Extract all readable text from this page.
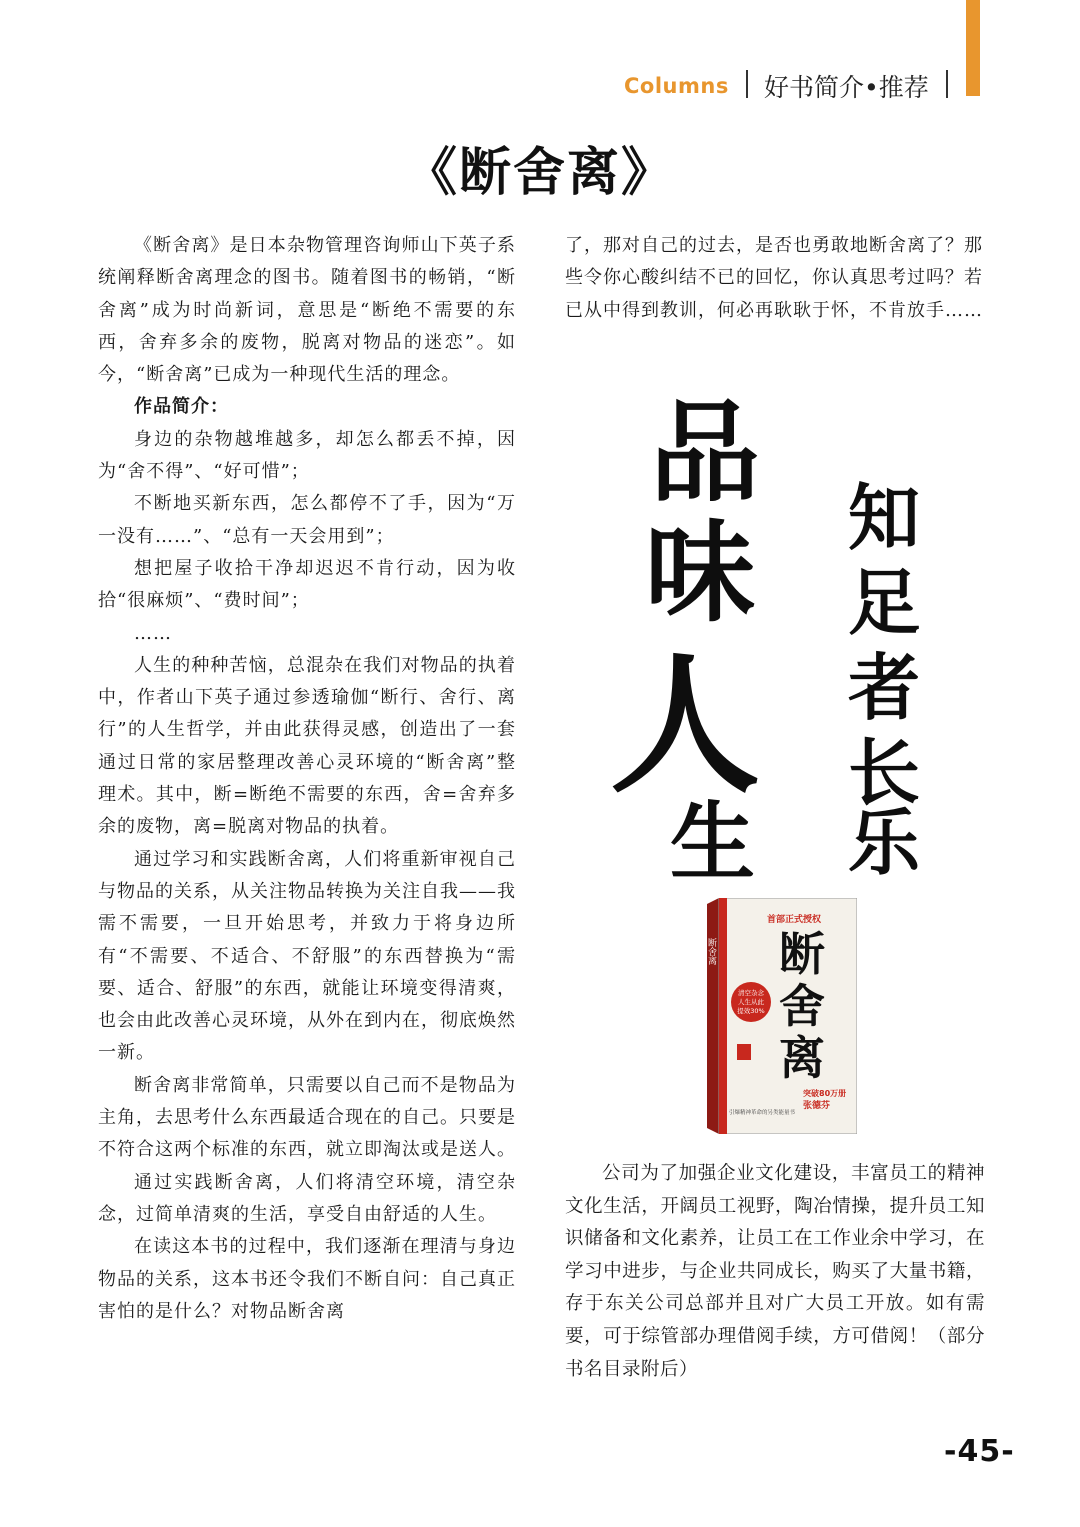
Columns 好书简介•推荐
《断舍离》

《断舍离》是日本杂物管理咨询师山下英子系统阐释断舍离理念的图书。随着图书的畅销，“断舍离”成为时尚新词，意思是“断绝不需要的东西，舍弃多余的废物，脱离对物品的迷恋”。如今，“断舍离”已成为一种现代生活的理念。

作品简介：

身边的杂物越堆越多，却怎么都丢不掉，因为“舍不得”、“好可惜”；

不断地买新东西，怎么都停不了手，因为“万一没有……”、“总有一天会用到”；

想把屋子收拾干净却迟迟不肯行动，因为收拾“很麻烦”、“费时间”；

……

人生的种种苦恼，总混杂在我们对物品的执着中，作者山下英子通过参透瑜伽“断行、舍行、离行”的人生哲学，并由此获得灵感，创造出了一套通过日常的家居整理改善心灵环境的“断舍离”整理术。其中，断=断绝不需要的东西，舍=舍弃多余的废物，离=脱离对物品的执着。

通过学习和实践断舍离，人们将重新审视自己与物品的关系，从关注物品转换为关注自我——我需不需要，一旦开始思考，并致力于将身边所有“不需要、不适合、不舒服”的东西替换为“需要、适合、舒服”的东西，就能让环境变得清爽，也会由此改善心灵环境，从外在到内在，彻底焕然一新。

断舍离非常简单，只需要以自己而不是物品为主角，去思考什么东西最适合现在的自己。只要是不符合这两个标准的东西，就立即淘汰或是送人。

通过实践断舍离，人们将清空环境，清空杂念，过简单清爽的生活，享受自由舒适的人生。

在读这本书的过程中，我们逐渐在理清与身边物品的关系，这本书还令我们不断自问：自己真正害怕的是什么？对物品断舍离

了，那对自己的过去，是否也勇敢地断舍离了？那些令你心酸纠结不已的回忆，你认真思考过吗？若已从中得到教训，何必再耿耿于怀，不肯放手……

品
味
人
生
知
足
者
长
乐
断舍离
首部正式授权
断
舍
离
清空杂念
人生从此
提效30%
突破80万册
张德芬
引爆精神革命的另类能量书

公司为了加强企业文化建设，丰富员工的精神文化生活，开阔员工视野，陶冶情操，提升员工知识储备和文化素养，让员工在工作业余中学习，在学习中进步，与企业共同成长，购买了大量书籍，存于东关公司总部并且对广大员工开放。如有需要，可于综管部办理借阅手续，方可借阅！（部分书名目录附后）

-45-
